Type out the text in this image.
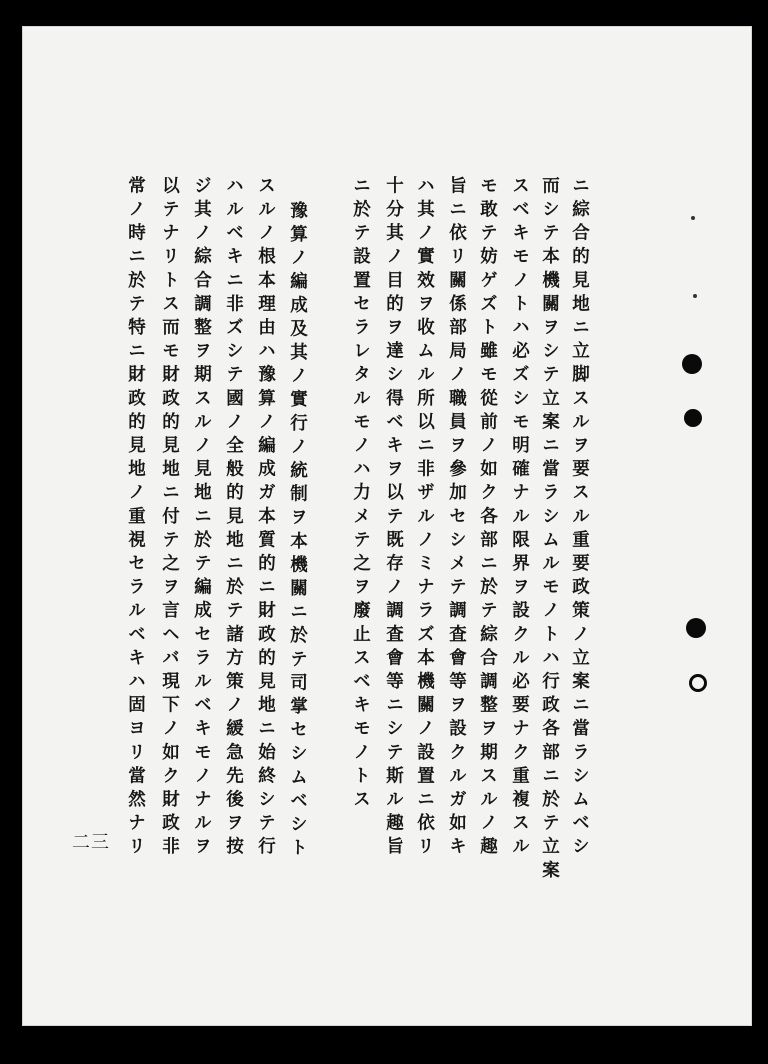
ニ綜合的見地ニ立脚スルヲ要スル重要政策ノ立案ニ當ラシムベシ
而シテ本機關ヲシテ立案ニ當ラシムルモノトハ行政各部ニ於テ立案
スベキモノトハ必ズシモ明確ナル限界ヲ設クル必要ナク重複スル
モ敢テ妨ゲズト雖モ從前ノ如ク各部ニ於テ綜合調整ヲ期スルノ趣
旨ニ依リ關係部局ノ職員ヲ參加セシメテ調査會等ヲ設クルガ如キ
ハ其ノ實效ヲ收ムル所以ニ非ザルノミナラズ本機關ノ設置ニ依リ
十分其ノ目的ヲ達シ得ベキヲ以テ既存ノ調査會等ニシテ斯ル趣旨
ニ於テ設置セラレタルモノハ力メテ之ヲ廢止スベキモノトス
豫算ノ編成及其ノ實行ノ統制ヲ本機關ニ於テ司掌セシムベシト
スルノ根本理由ハ豫算ノ編成ガ本質的ニ財政的見地ニ始終シテ行
ハルベキニ非ズシテ國ノ全般的見地ニ於テ諸方策ノ緩急先後ヲ按
ジ其ノ綜合調整ヲ期スルノ見地ニ於テ編成セラルベキモノナルヲ
以テナリトス而モ財政的見地ニ付テ之ヲ言ヘバ現下ノ如ク財政非
常ノ時ニ於テ特ニ財政的見地ノ重視セラルベキハ固ヨリ當然ナリ
二三
